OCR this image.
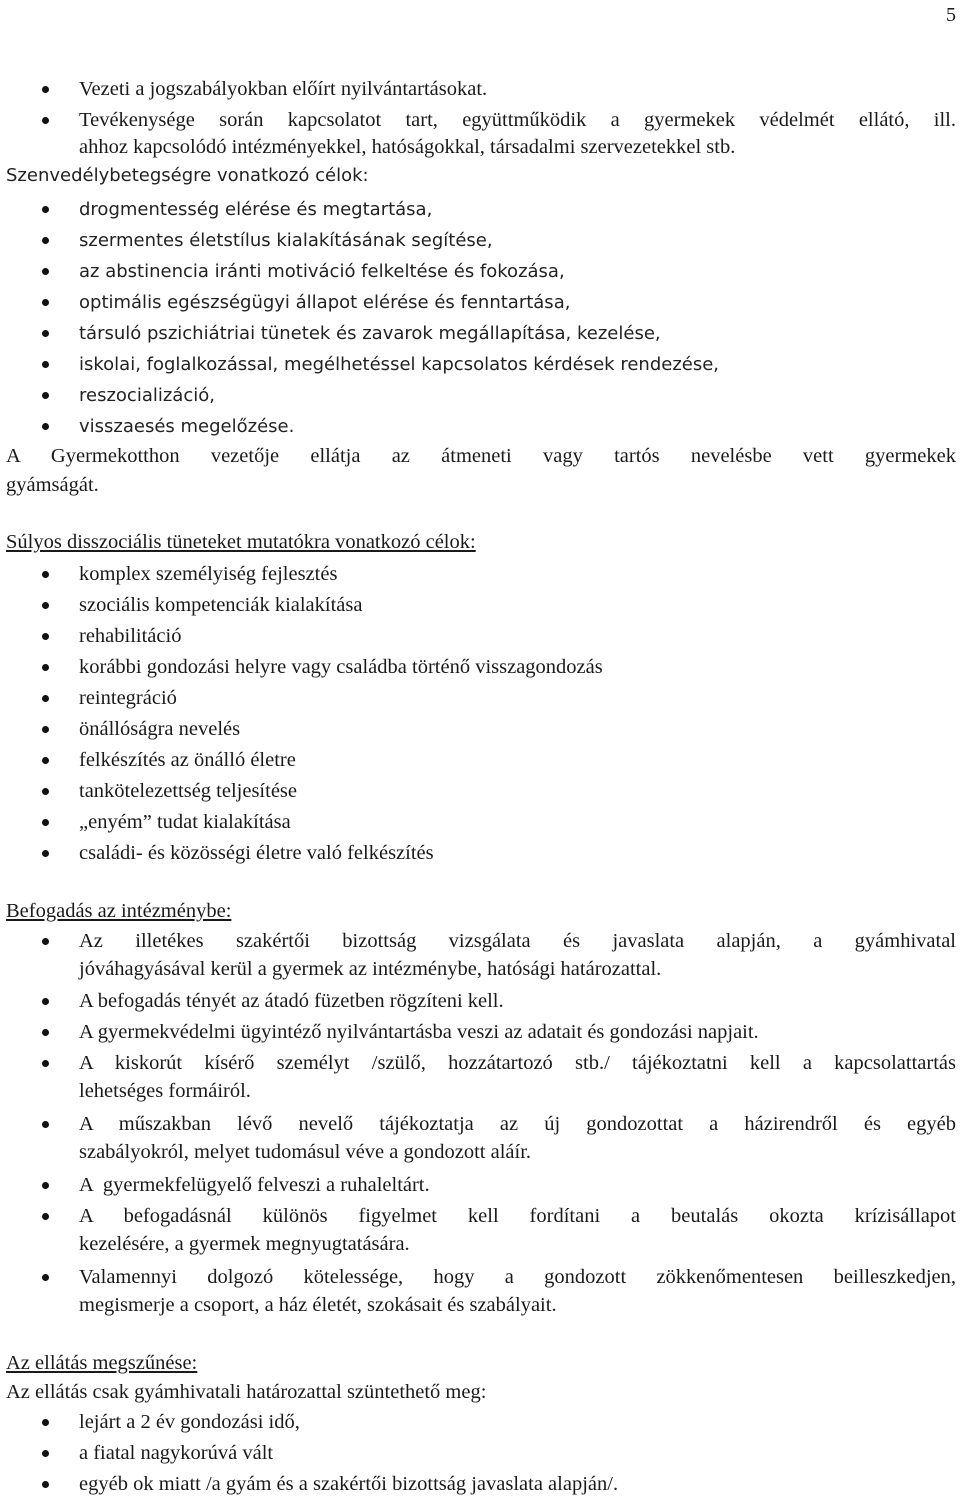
5
Vezeti a jogszabályokban előírt nyilvántartásokat.
Tevékenysége során kapcsolatot tart, együttműködik a gyermekek védelmét ellátó, ill.
ahhoz kapcsolódó intézményekkel, hatóságokkal, társadalmi szervezetekkel stb.
Szenvedélybetegségre vonatkozó célok:
drogmentesség elérése és megtartása,
szermentes életstílus kialakításának segítése,
az abstinencia iránti motiváció felkeltése és fokozása,
optimális egészségügyi állapot elérése és fenntartása,
társuló pszichiátriai tünetek és zavarok megállapítása, kezelése,
iskolai, foglalkozással, megélhetéssel kapcsolatos kérdések rendezése,
reszocializáció,
visszaesés megelőzése.
A Gyermekotthon vezetője ellátja az átmeneti vagy tartós nevelésbe vett gyermekek
gyámságát.
Súlyos disszociális tüneteket mutatókra vonatkozó célok:
komplex személyiség fejlesztés
szociális kompetenciák kialakítása
rehabilitáció
korábbi gondozási helyre vagy családba történő visszagondozás
reintegráció
önállóságra nevelés
felkészítés az önálló életre
tankötelezettség teljesítése
„enyém” tudat kialakítása
családi- és közösségi életre való felkészítés
Befogadás az intézménybe:
Az illetékes szakértői bizottság vizsgálata és javaslata alapján, a gyámhivatal
jóváhagyásával kerül a gyermek az intézménybe, hatósági határozattal.
A befogadás tényét az átadó füzetben rögzíteni kell.
A gyermekvédelmi ügyintéző nyilvántartásba veszi az adatait és gondozási napjait.
A kiskorút kísérő személyt /szülő, hozzátartozó stb./ tájékoztatni kell a kapcsolattartás
lehetséges formáiról.
A műszakban lévő nevelő tájékoztatja az új gondozottat a házirendről és egyéb
szabályokról, melyet tudomásul véve a gondozott aláír.
A  gyermekfelügyelő felveszi a ruhaleltárt.
A befogadásnál különös figyelmet kell fordítani a beutalás okozta krízisállapot
kezelésére, a gyermek megnyugtatására.
Valamennyi dolgozó kötelessége, hogy a gondozott zökkenőmentesen beilleszkedjen,
megismerje a csoport, a ház életét, szokásait és szabályait.
Az ellátás megszűnése:
Az ellátás csak gyámhivatali határozattal szüntethető meg:
lejárt a 2 év gondozási idő,
a fiatal nagykorúvá vált
egyéb ok miatt /a gyám és a szakértői bizottság javaslata alapján/.
